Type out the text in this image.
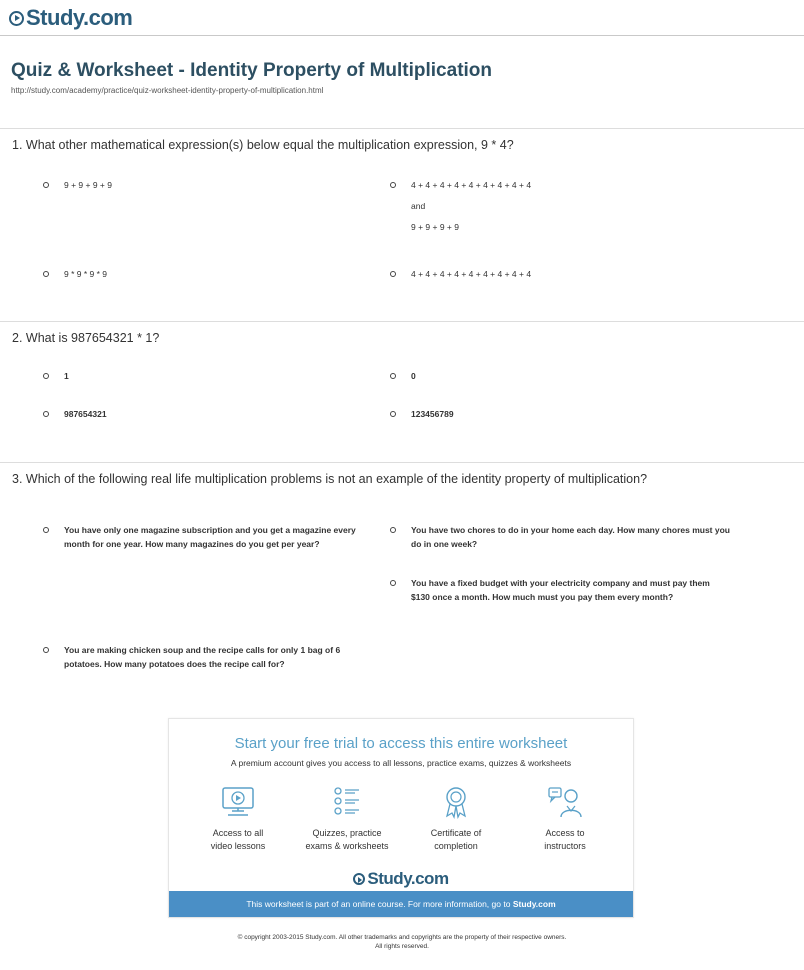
Study.com
Quiz & Worksheet - Identity Property of Multiplication
http://study.com/academy/practice/quiz-worksheet-identity-property-of-multiplication.html
1. What other mathematical expression(s) below equal the multiplication expression, 9 * 4?
9 + 9 + 9 + 9	4 + 4 + 4 + 4 + 4 + 4 + 4 + 4 + 4
and
9 + 9 + 9 + 9
9 * 9 * 9 * 9	4 + 4 + 4 + 4 + 4 + 4 + 4 + 4 + 4
2. What is 987654321 * 1?
1	0
987654321	123456789
3. Which of the following real life multiplication problems is not an example of the identity property of multiplication?
You have only one magazine subscription and you get a magazine every month for one year. How many magazines do you get per year?
You have two chores to do in your home each day. How many chores must you do in one week?
You have a fixed budget with your electricity company and must pay them $130 once a month. How much must you pay them every month?
You are making chicken soup and the recipe calls for only 1 bag of 6 potatoes. How many potatoes does the recipe call for?
Start your free trial to access this entire worksheet
A premium account gives you access to all lessons, practice exams, quizzes & worksheets
Access to all
video lessons
Quizzes, practice
exams & worksheets
Certificate of
completion
Access to
instructors
Study.com
This worksheet is part of an online course. For more information, go to Study.com
© copyright 2003-2015 Study.com. All other trademarks and copyrights are the property of their respective owners.
All rights reserved.
